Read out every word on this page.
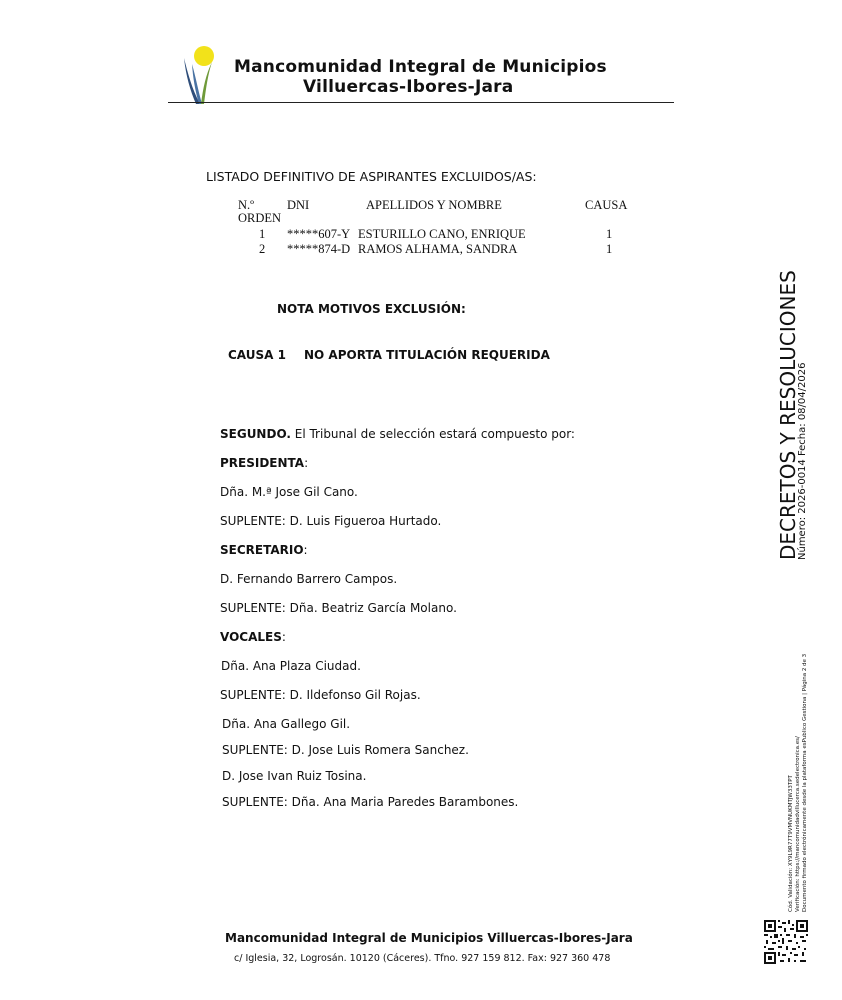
Mancomunidad Integral de Municipios
Villuercas-Ibores-Jara
LISTADO DEFINITIVO DE ASPIRANTES EXCLUIDOS/AS:
N.º
ORDEN
DNI	APELLIDOS Y NOMBRE	CAUSA
1 *****607-Y ESTURILLO CANO, ENRIQUE	1
2 *****874-D RAMOS ALHAMA, SANDRA	1
NOTA MOTIVOS EXCLUSIÓN:
CAUSA 1 NO APORTA TITULACIÓN REQUERIDA
SEGUNDO. El Tribunal de selección estará compuesto por:
PRESIDENTA:
Dña. M.ª Jose Gil Cano.
SUPLENTE: D. Luis Figueroa Hurtado.
SECRETARIO:
D. Fernando Barrero Campos.
SUPLENTE: Dña. Beatriz García Molano.
VOCALES:
Dña. Ana Plaza Ciudad.
SUPLENTE: D. Ildefonso Gil Rojas.
Dña. Ana Gallego Gil.
SUPLENTE: D. Jose Luis Romera Sanchez.
D. Jose Ivan Ruiz Tosina.
SUPLENTE: Dña. Ana Maria Paredes Barambones.
Mancomunidad Integral de Municipios Villuercas-Ibores-Jara
c/ Iglesia, 32, Logrosán. 10120 (Cáceres). Tfno. 927 159 812. Fax: 927 360 478
DECRETOS Y RESOLUCIONES
Número: 2026-0014 Fecha: 08/04/2026
Cód. Validación: XY9L9R77T9VMVNUKMTJW33TPT Verificación: https://mancomunidadvillucerca.sedelectronica.es/ Documento firmado electrónicamente desde la plataforma esPublico Gestiona | Página 2 de 3
